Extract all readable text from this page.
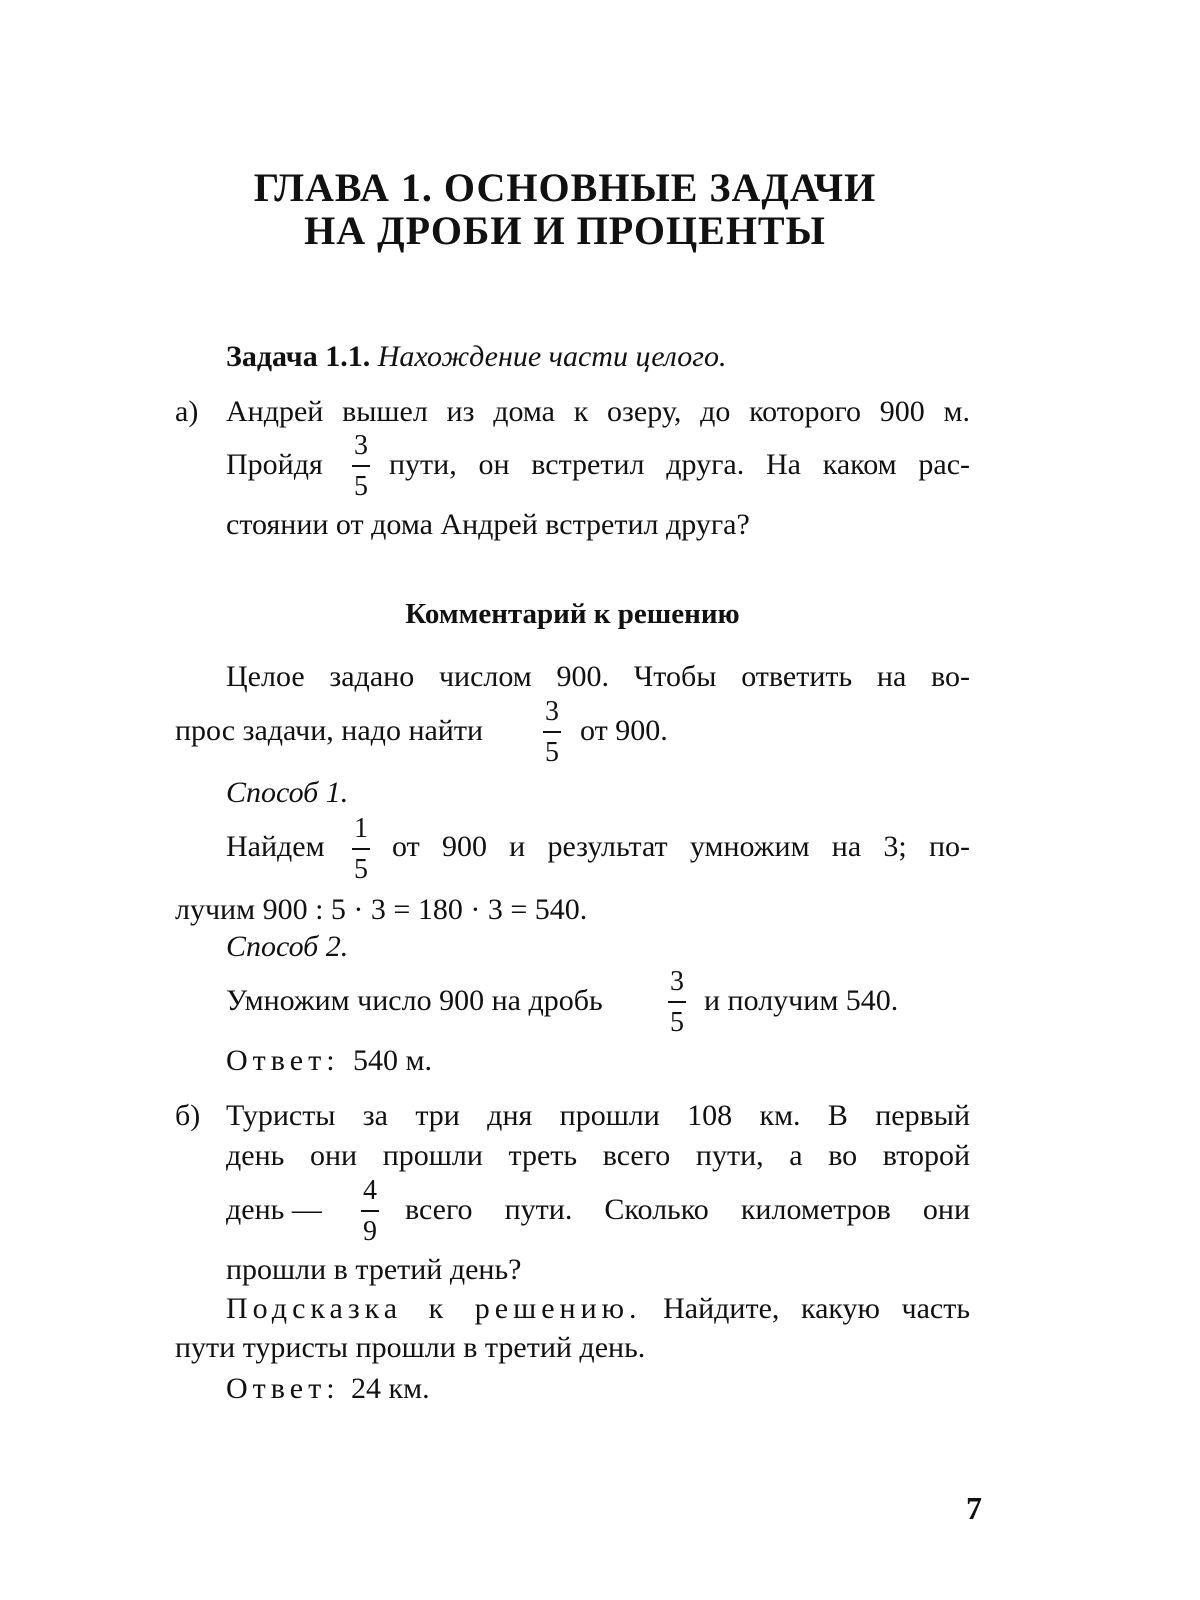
ГЛАВА 1. ОСНОВНЫЕ ЗАДАЧИ
НА ДРОБИ И ПРОЦЕНТЫ
Задача 1.1. Нахождение части целого.
а) Андрей вышел из дома к озеру, до которого 900 м.
Пройдя
3
5
пути, он встретил друга. На каком рас-
стоянии от дома Андрей встретил друга?
Комментарий к решению
Целое задано числом 900. Чтобы ответить на во-
прос задачи, надо найти
3
5
от 900.
Способ 1.
Найдем
1
5
от 900 и результат умножим на 3; по-
лучим 900 : 5 · 3 = 180 · 3 = 540.
Способ 2.
Умножим число 900 на дробь
3
5
и получим 540.
Ответ: 540 м.
б) Туристы за три дня прошли 108 км. В первый
день они прошли треть всего пути, а во второй
день —
4
9
всего пути. Сколько километров они
прошли в третий день?
Подсказка к решению. Найдите, какую часть
пути туристы прошли в третий день.
Ответ: 24 км.
7
